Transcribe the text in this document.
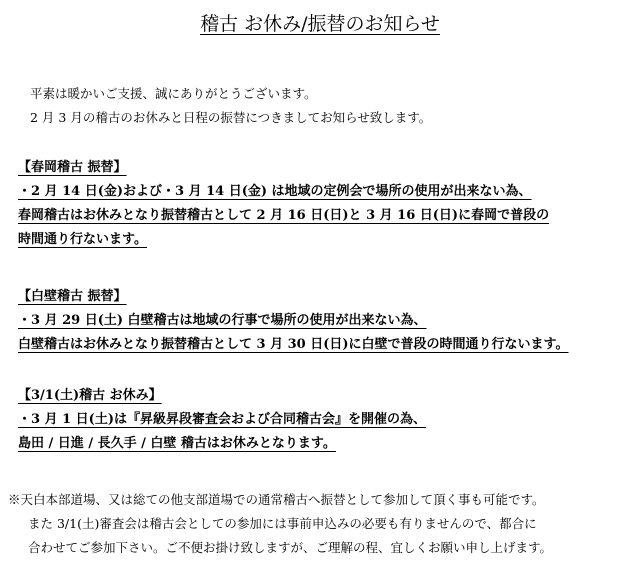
稽古 お休み/振替のお知らせ
平素は暖かいご支援、誠にありがとうございます。
2 月 3 月の稽古のお休みと日程の振替につきましてお知らせ致します。
【春岡稽古 振替】
・2 月 14 日(金)および・3 月 14 日(金) は地域の定例会で場所の使用が出来ない為、
春岡稽古はお休みとなり振替稽古として 2 月 16 日(日)と 3 月 16 日(日)に春岡で普段の
時間通り行ないます。
【白壁稽古 振替】
・3 月 29 日(土) 白壁稽古は地域の行事で場所の使用が出来ない為、
白壁稽古はお休みとなり振替稽古として 3 月 30 日(日)に白壁で普段の時間通り行ないます。
【3/1(土)稽古 お休み】
・3 月 1 日(土)は『昇級昇段審査会および合同稽古会』を開催の為、
島田 / 日進 / 長久手 / 白壁 稽古はお休みとなります。
※天白本部道場、又は総ての他支部道場での通常稽古へ振替として参加して頂く事も可能です。
また 3/1(土)審査会は稽古会としての参加には事前申込みの必要も有りませんので、都合に
合わせてご参加下さい。ご不便お掛け致しますが、ご理解の程、宜しくお願い申し上げます。
